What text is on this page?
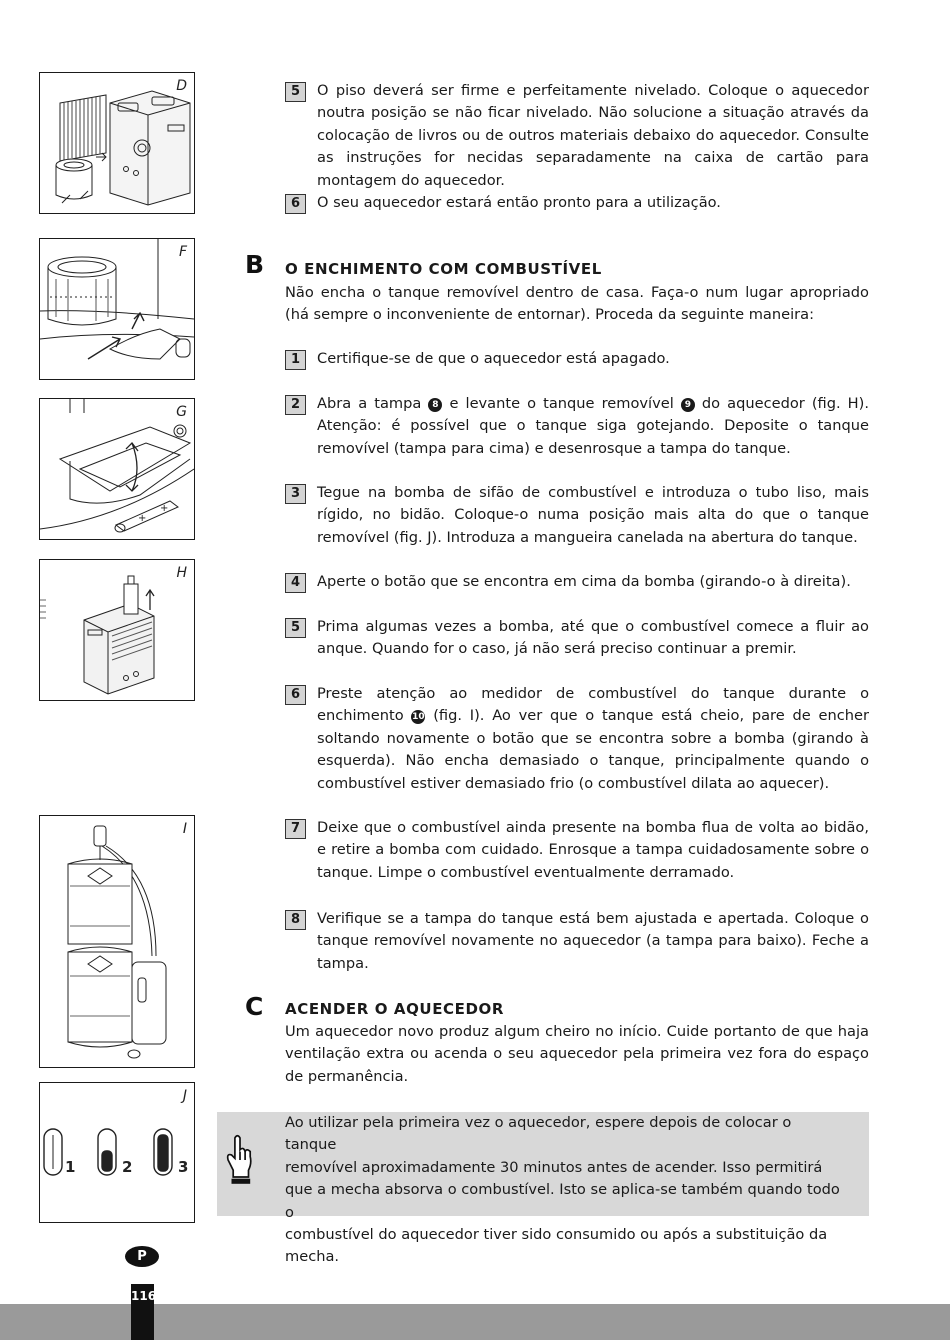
D
F
+
+
G
H
I
1	2	3
J
5	O piso deverá ser firme e perfeitamente nivelado. Coloque o aquecedor noutra posição se não ficar nivelado. Não solucione a situação através da colocação de livros ou de outros materiais debaixo do aquecedor. Consulte as instruções for necidas separadamente na caixa de cartão para montagem do aquecedor.
6	O seu aquecedor estará então pronto para a utilização.
B O ENCHIMENTO COM COMBUSTÍVEL
Não encha o tanque removível dentro de casa. Faça-o num lugar apropriado (há sempre o inconveniente de entornar). Proceda da seguinte maneira:
1	Certifique-se de que o aquecedor está apagado.
2	Abra a tampa 8 e levante o tanque removível 9 do aquecedor (fig. H). Atenção: é possível que o tanque siga gotejando. Deposite o tanque removível (tampa para cima) e desenrosque a tampa do tanque.
3	Tegue na bomba de sifão de combustível e introduza o tubo liso, mais rígido, no bidão. Coloque-o numa posição mais alta do que o tanque removível (fig. J). Introduza a mangueira canelada na abertura do tanque.
4	Aperte o botão que se encontra em cima da bomba (girando-o à direita).
5	Prima algumas vezes a bomba, até que o combustível comece a fluir ao anque. Quando for o caso, já não será preciso continuar a premir.
6	Preste atenção ao medidor de combustível do tanque durante o enchimento 10 (fig. I). Ao ver que o tanque está cheio, pare de encher soltando novamente o botão que se encontra sobre a bomba (girando à esquerda). Não encha demasiado o tanque, principalmente quando o combustível estiver demasiado frio (o combustível dilata ao aquecer).
7	Deixe que o combustível ainda presente na bomba flua de volta ao bidão, e retire a bomba com cuidado. Enrosque a tampa cuidadosamente sobre o tanque. Limpe o combustível eventualmente derramado.
8	Verifique se a tampa do tanque está bem ajustada e apertada. Coloque o tanque removível novamente no aquecedor (a tampa para baixo). Feche a tampa.
C ACENDER O AQUECEDOR
Um aquecedor novo produz algum cheiro no início. Cuide portanto de que haja ventilação extra ou acenda o seu aquecedor pela primeira vez fora do espaço de permanência.
Ao utilizar pela primeira vez o aquecedor, espere depois de colocar o tanque
removível aproximadamente 30 minutos antes de acender. Isso permitirá
que a mecha absorva o combustível. Isto se aplica-se também quando todo o
combustível do aquecedor tiver sido consumido ou após a substituição da mecha.
P
116
